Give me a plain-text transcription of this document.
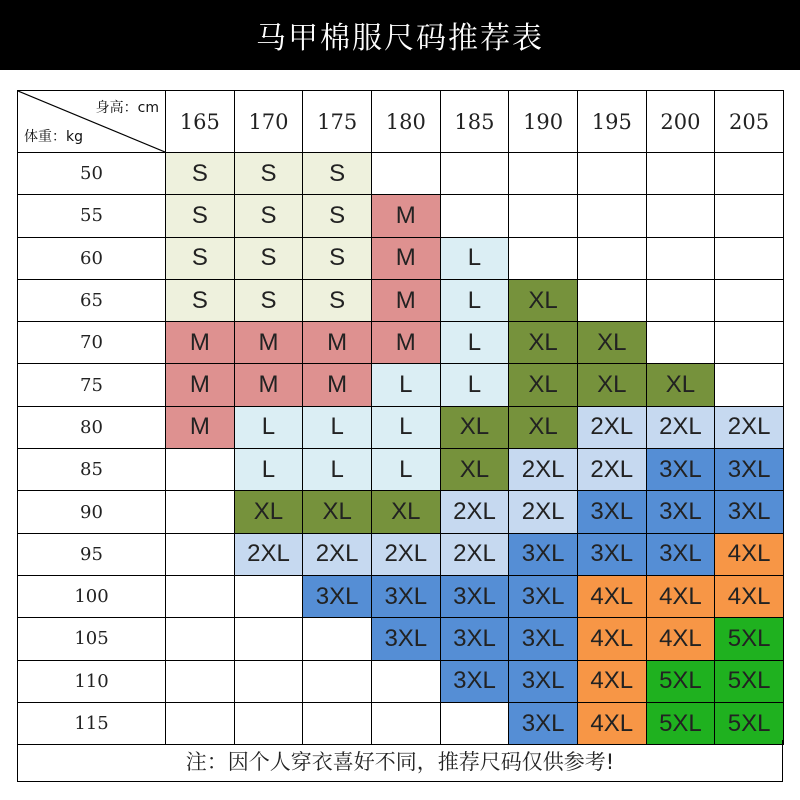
马甲棉服尺码推荐表
身高：cm
体重：kg	165	170	175	180	185	190	195	200	205
50	S	S	S						
55	S	S	S	M					
60	S	S	S	M	L				
65	S	S	S	M	L	XL			
70	M	M	M	M	L	XL	XL		
75	M	M	M	L	L	XL	XL	XL	
80	M	L	L	L	XL	XL	2XL	2XL	2XL
85		L	L	L	XL	2XL	2XL	3XL	3XL
90		XL	XL	XL	2XL	2XL	3XL	3XL	3XL
95		2XL	2XL	2XL	2XL	3XL	3XL	3XL	4XL
100			3XL	3XL	3XL	3XL	4XL	4XL	4XL
105				3XL	3XL	3XL	4XL	4XL	5XL
110					3XL	3XL	4XL	5XL	5XL
115						3XL	4XL	5XL	5XL
注：因个人穿衣喜好不同，推荐尺码仅供参考!
